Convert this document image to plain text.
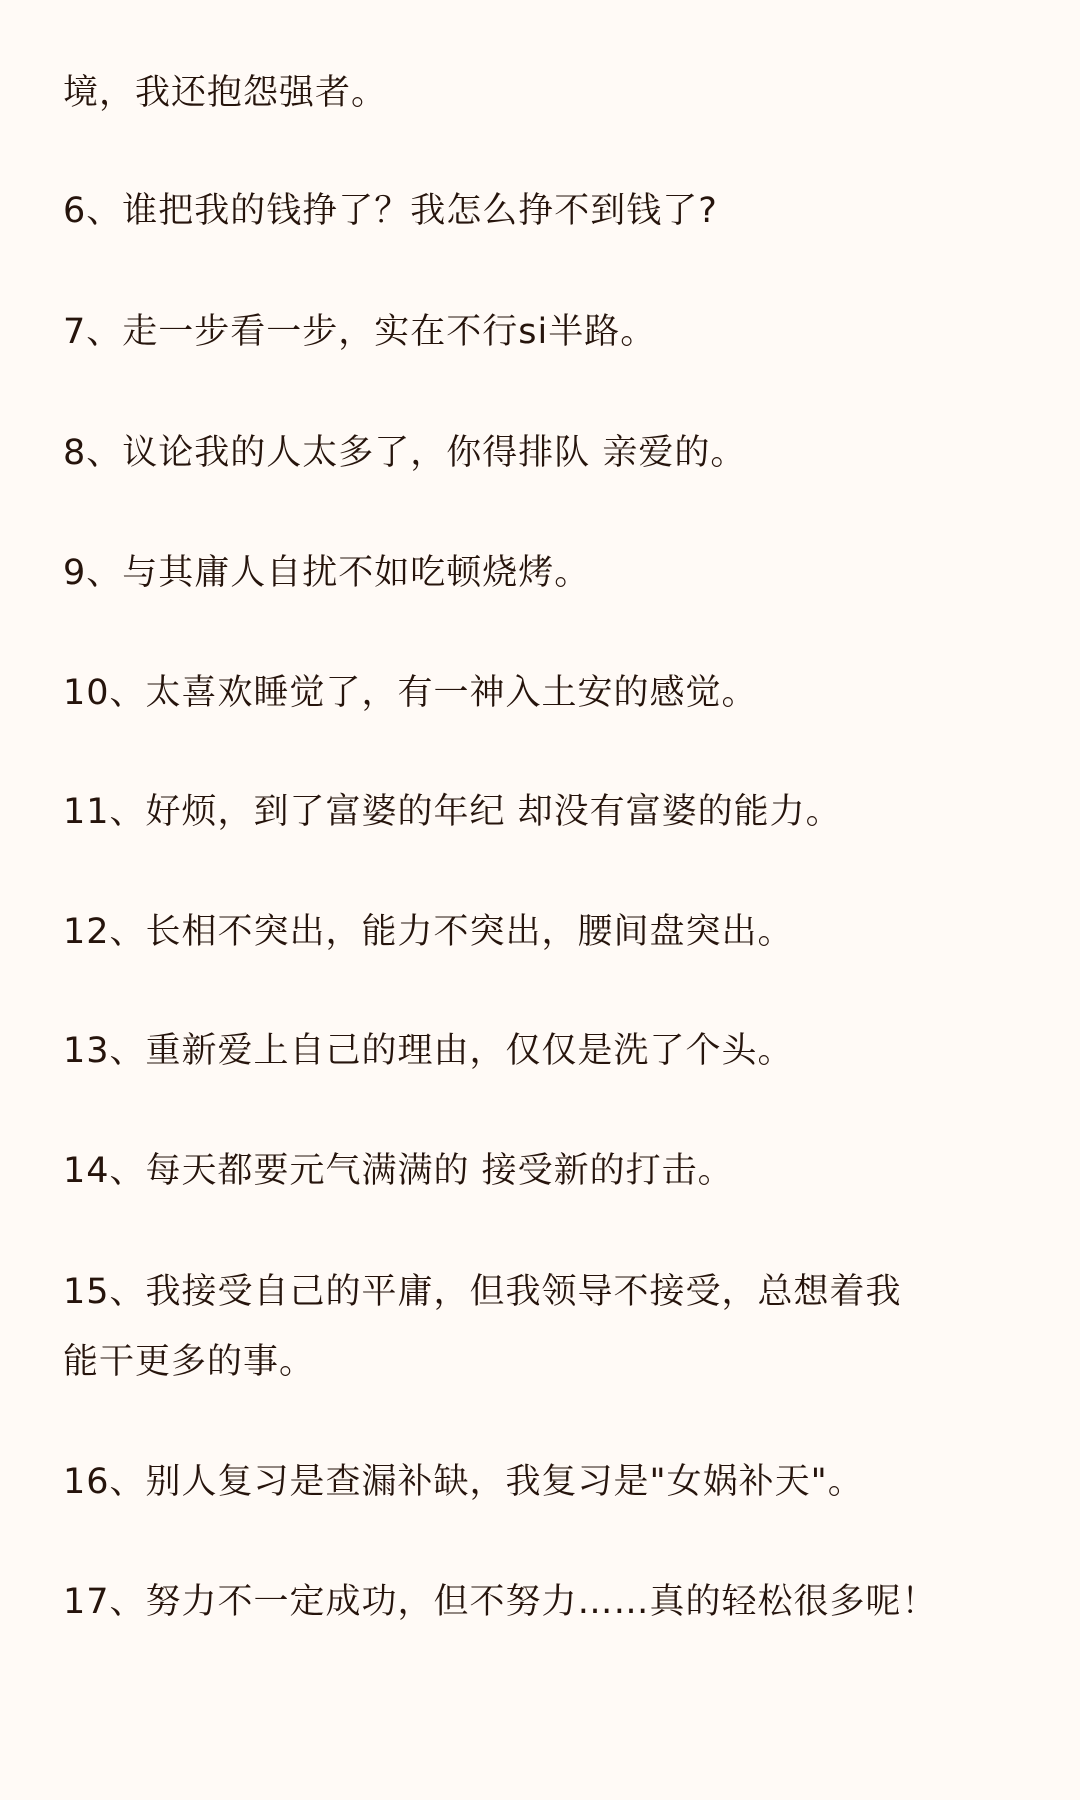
境，我还抱怨强者。
6、谁把我的钱挣了？我怎么挣不到钱了?
7、走一步看一步，实在不行si半路。
8、议论我的人太多了，你得排队 亲爱的。
9、与其庸人自扰不如吃顿烧烤。
10、太喜欢睡觉了，有一神入土安的感觉。
11、好烦，到了富婆的年纪 却没有富婆的能力。
12、长相不突出，能力不突出，腰间盘突出。
13、重新爱上自己的理由，仅仅是洗了个头。
14、每天都要元气满满的 接受新的打击。
15、我接受自己的平庸，但我领导不接受，总想着我
能干更多的事。
16、别人复习是查漏补缺，我复习是"女娲补天"。
17、努力不一定成功，但不努力……真的轻松很多呢！
